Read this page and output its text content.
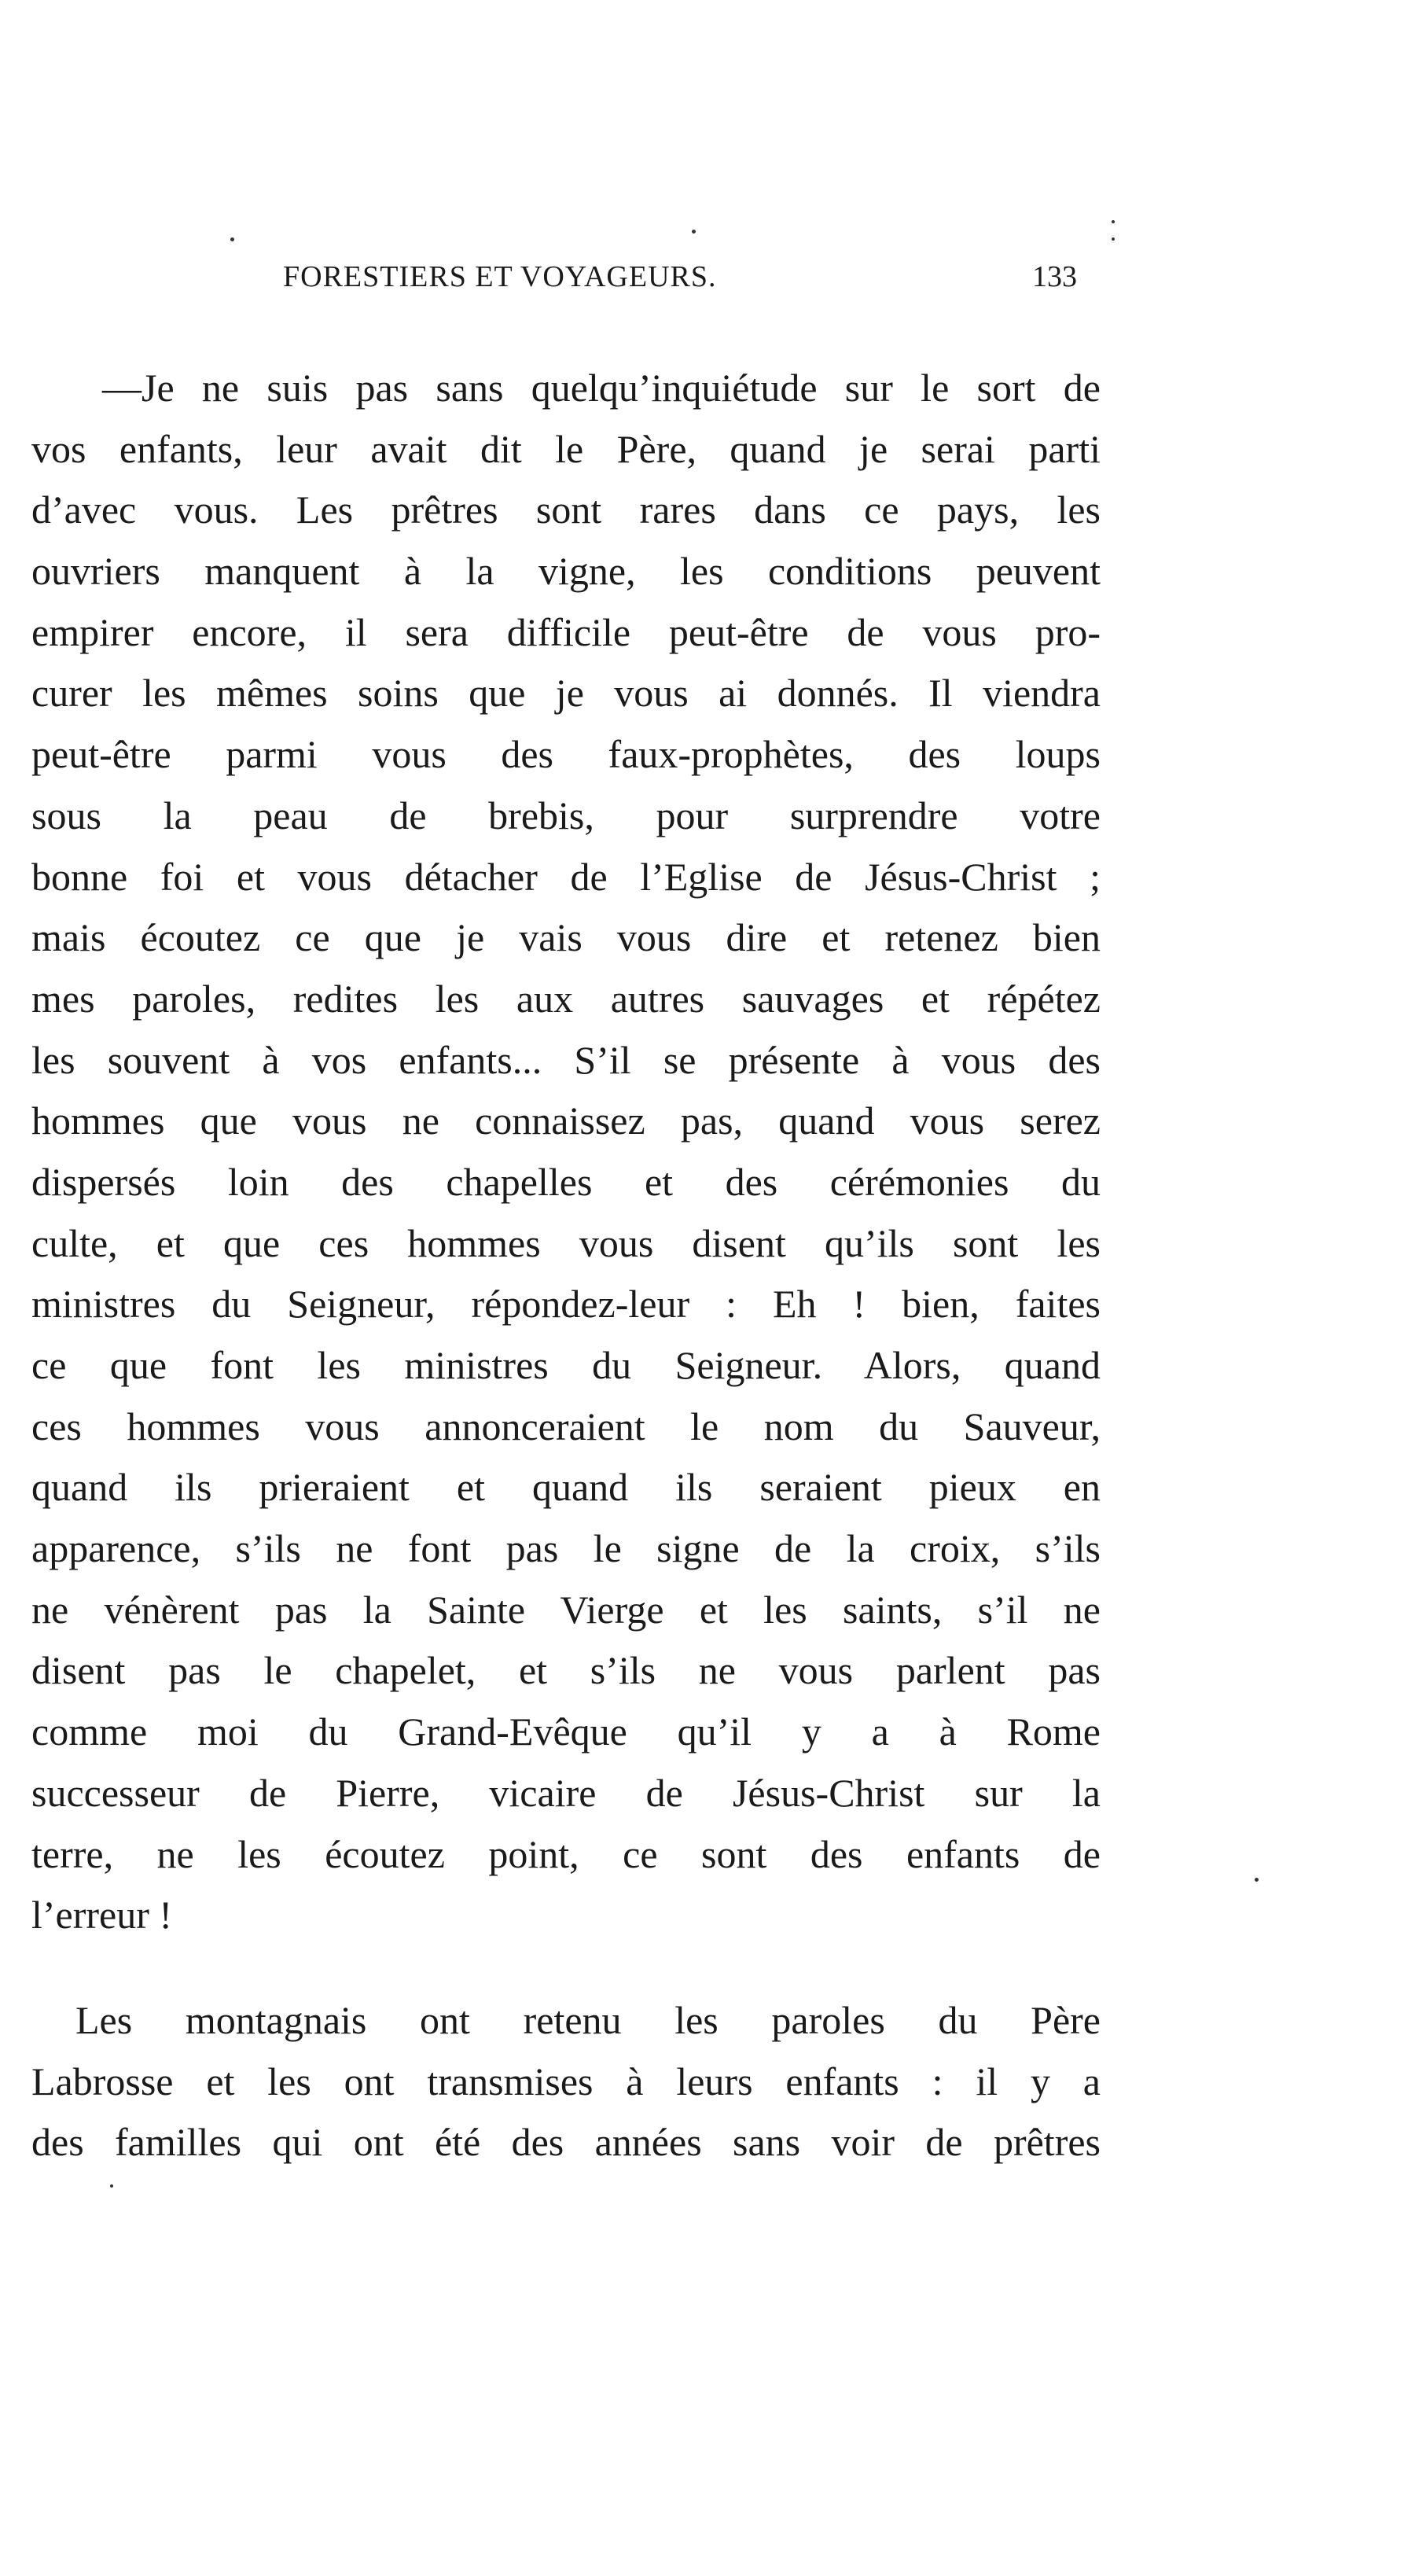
FORESTIERS ET VOYAGEURS.	133
—Je ne suis pas sans quelqu’inquiétude sur le sort de
vos enfants, leur avait dit le Père, quand je serai parti
d’avec vous. Les prêtres sont rares dans ce pays, les
ouvriers manquent à la vigne, les conditions peuvent
empirer encore, il sera difficile peut-être de vous pro-
curer les mêmes soins que je vous ai donnés. Il viendra
peut-être parmi vous des faux-prophètes, des loups
sous la peau de brebis, pour surprendre votre
bonne foi et vous détacher de l’Eglise de Jésus-Christ ;
mais écoutez ce que je vais vous dire et retenez bien
mes paroles, redites les aux autres sauvages et répétez
les souvent à vos enfants... S’il se présente à vous des
hommes que vous ne connaissez pas, quand vous serez
dispersés loin des chapelles et des cérémonies du
culte, et que ces hommes vous disent qu’ils sont les
ministres du Seigneur, répondez-leur : Eh ! bien, faites
ce que font les ministres du Seigneur. Alors, quand
ces hommes vous annonceraient le nom du Sauveur,
quand ils prieraient et quand ils seraient pieux en
apparence, s’ils ne font pas le signe de la croix, s’ils
ne vénèrent pas la Sainte Vierge et les saints, s’il ne
disent pas le chapelet, et s’ils ne vous parlent pas
comme moi du Grand-Evêque qu’il y a à Rome
successeur de Pierre, vicaire de Jésus-Christ sur la
terre, ne les écoutez point, ce sont des enfants de
l’erreur !
Les montagnais ont retenu les paroles du Père
Labrosse et les ont transmises à leurs enfants : il y a
des familles qui ont été des années sans voir de prêtres
